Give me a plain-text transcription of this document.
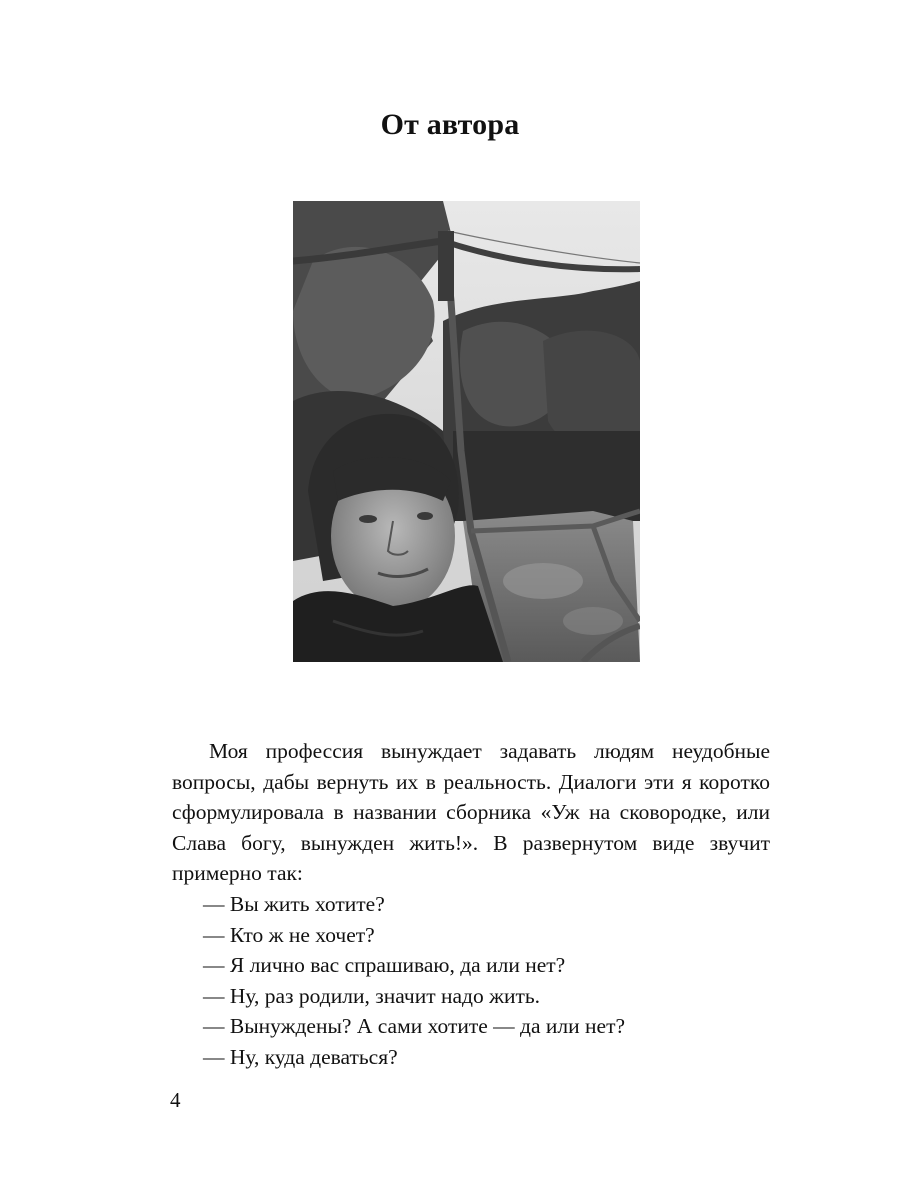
От автора

Моя профессия вынуждает задавать людям неудобные вопросы, дабы вернуть их в реальность. Диалоги эти я коротко сформулировала в названии сборника «Уж на сковородке, или Слава богу, вынужден жить!». В развернутом виде звучит примерно так:

— Вы жить хотите?
— Кто ж не хочет?
— Я лично вас спрашиваю, да или нет?
— Ну, раз родили, значит надо жить.
— Вынуждены? А сами хотите — да или нет?
— Ну, куда деваться?
4
